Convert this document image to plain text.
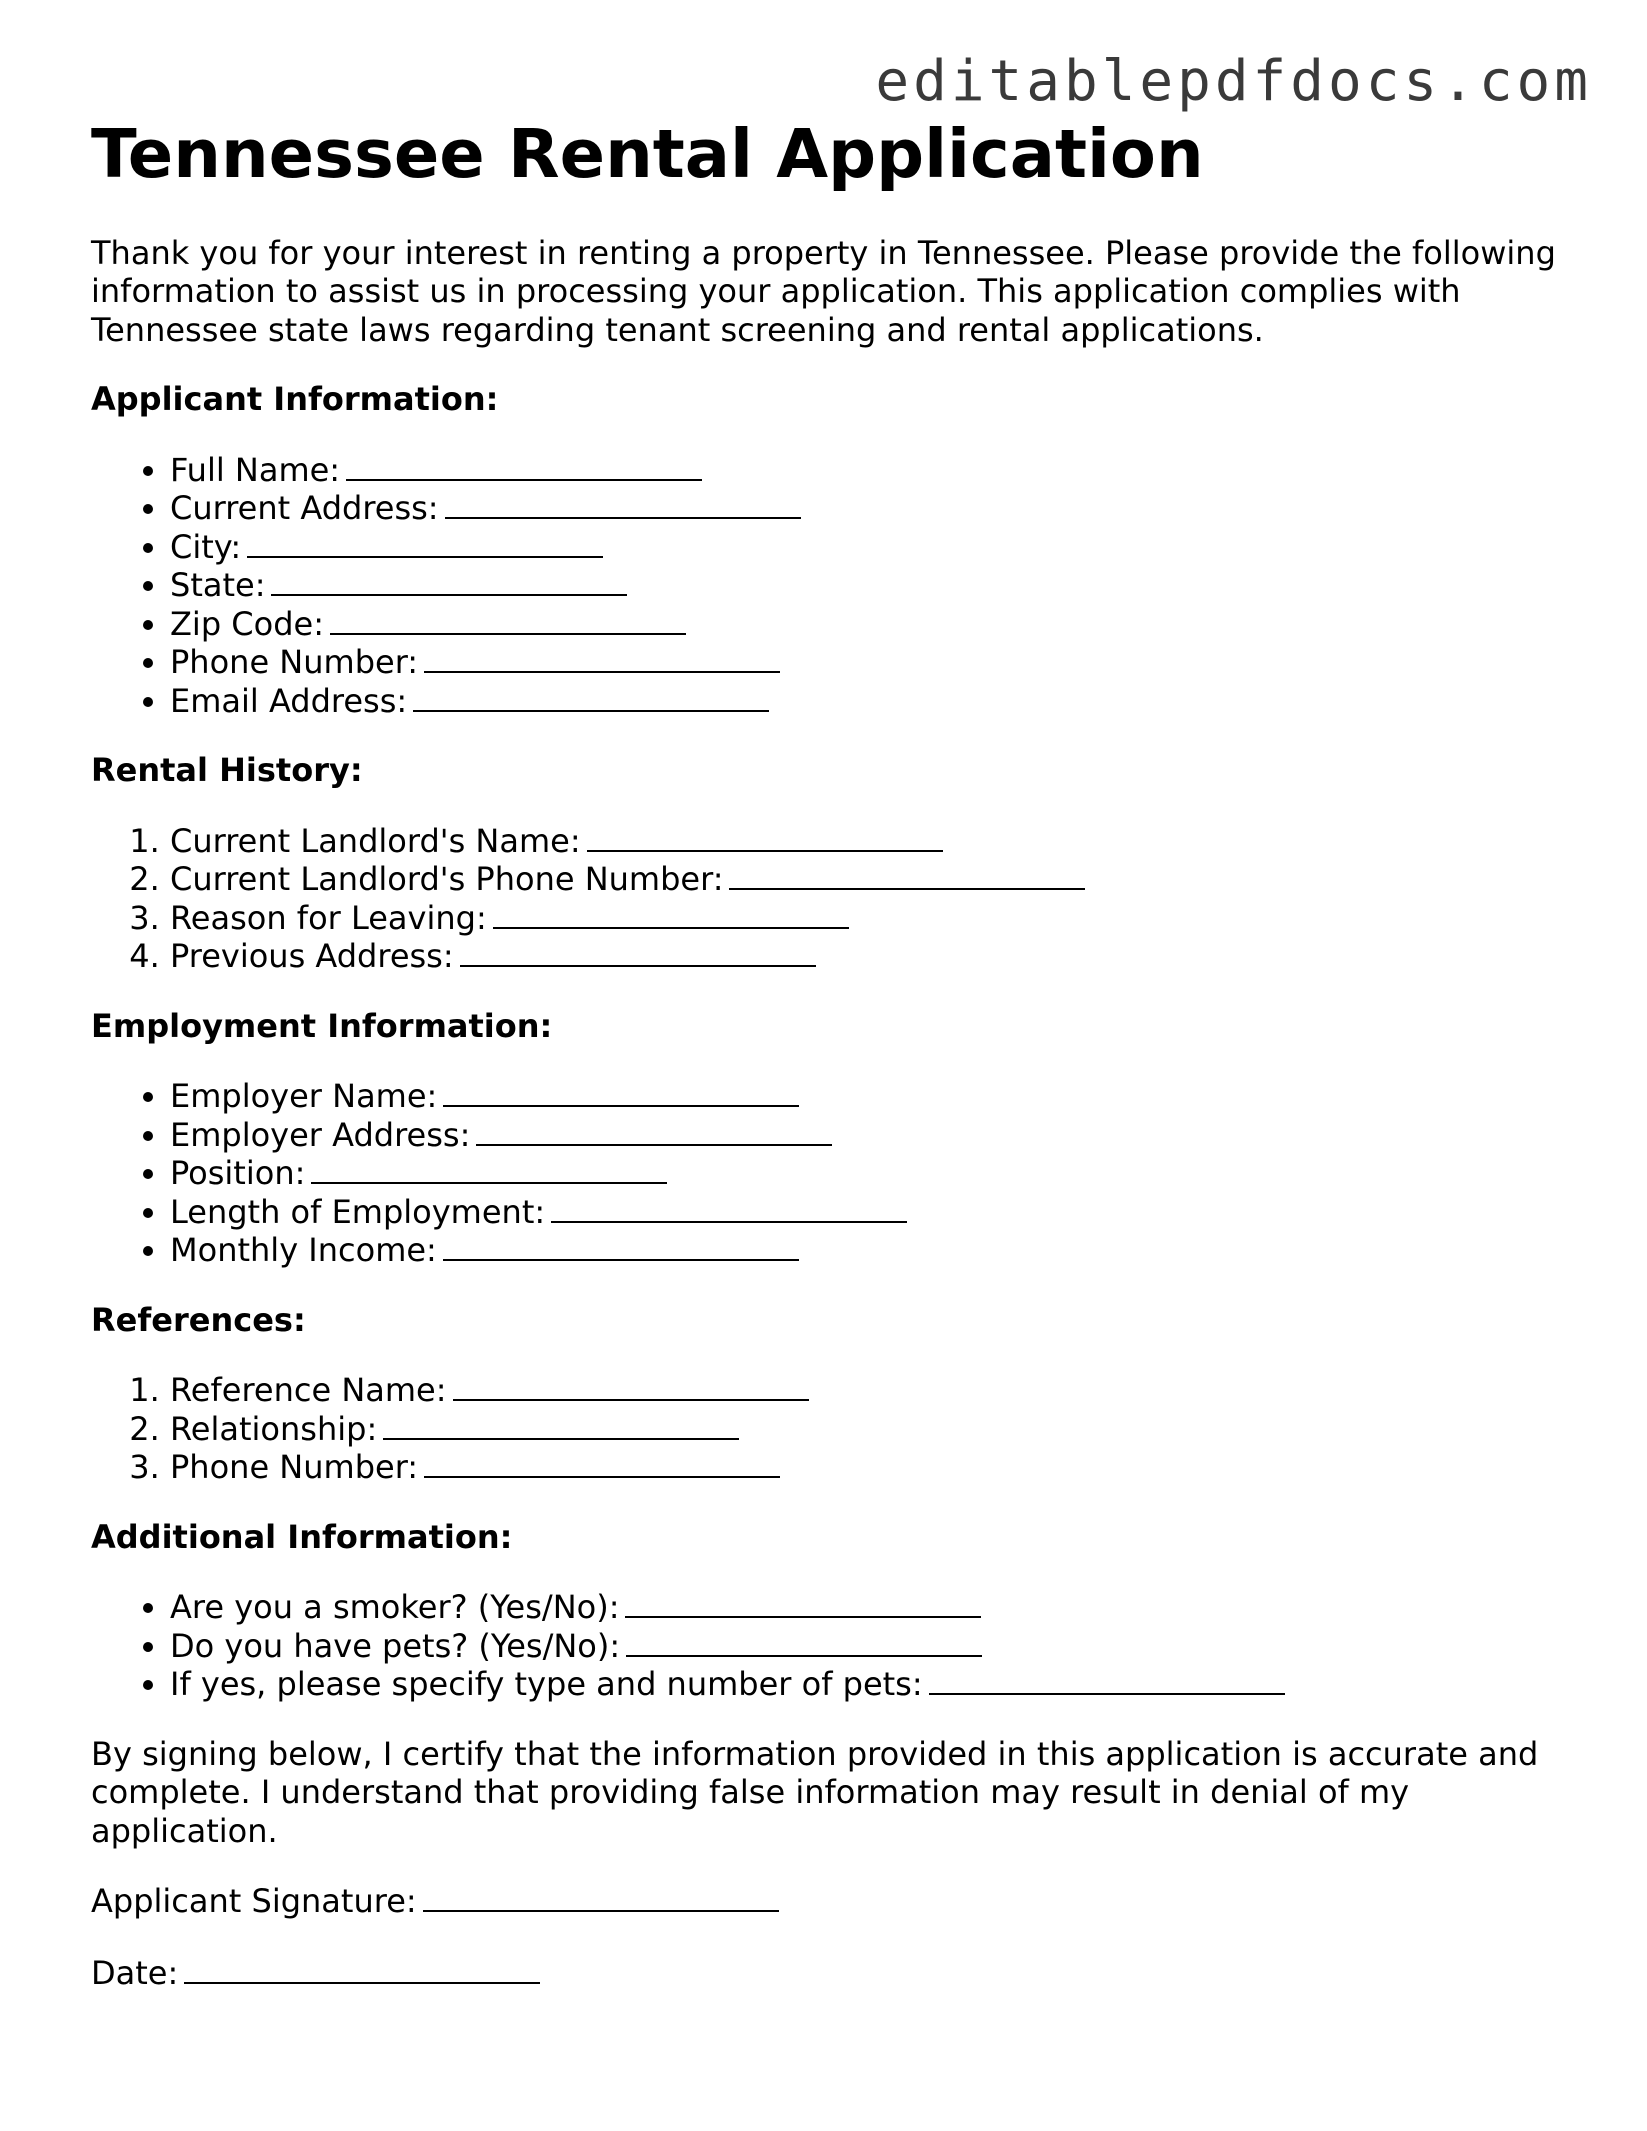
editablepdfdocs.com
Tennessee Rental Application

Thank you for your interest in renting a property in Tennessee. Please provide the following information to assist us in processing your application. This application complies with Tennessee state laws regarding tenant screening and rental applications.

Applicant Information:
• Full Name:
• Current Address:
• City:
• State:
• Zip Code:
• Phone Number:
• Email Address:
Rental History:
1. Current Landlord's Name:
2. Current Landlord's Phone Number:
3. Reason for Leaving:
4. Previous Address:
Employment Information:
• Employer Name:
• Employer Address:
• Position:
• Length of Employment:
• Monthly Income:
References:
1. Reference Name:
2. Relationship:
3. Phone Number:
Additional Information:
• Are you a smoker? (Yes/No):
• Do you have pets? (Yes/No):
• If yes, please specify type and number of pets:

By signing below, I certify that the information provided in this application is accurate and complete. I understand that providing false information may result in denial of my application.

Applicant Signature:

Date:
